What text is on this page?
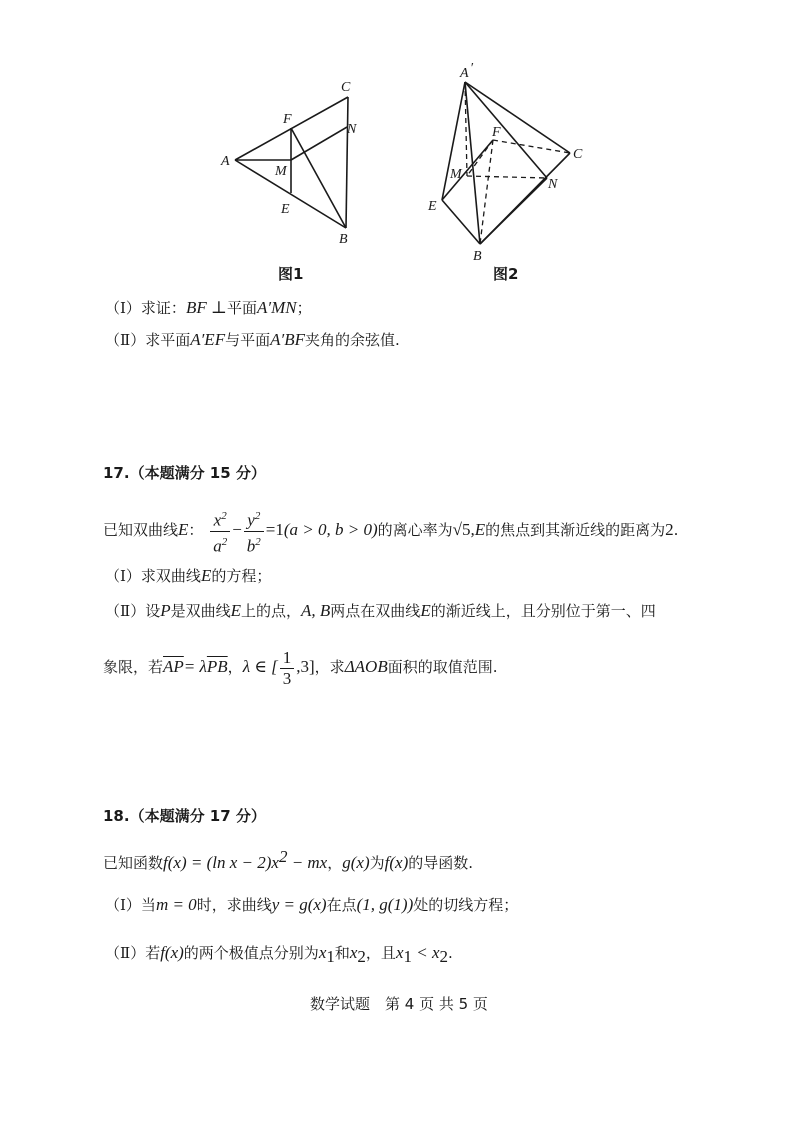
A
F
M
E
C
N
B
图1
A ′
F
M
E
C
N
B
图2
（Ⅰ）求证：BF ⊥平面A′MN；
（Ⅱ）求平面A′EF与平面A′BF夹角的余弦值.
17.（本题满分 15 分）
已知双曲线E： $\frac{x^2}{a^2} - \frac{y^2}{b^2} =1(a > 0$, b > 0)的离心率为√5,E的焦点到其渐近线的距离为2.
（Ⅰ）求双曲线E的方程；
（Ⅱ）设P是双曲线E上的点，A, B两点在双曲线E的渐近线上，且分别位于第一、四
象限，若$\overline{AP}= \lambda\overline{PB}$，λ ∈ [ $\frac{1}{3} ,3$]，求ΔAOB面积的取值范围.
18.（本题满分 17 分）
已知函数f(x) = (ln $x - 2)x^2$ − mx，g(x)为f(x)的导函数.
（Ⅰ）当m = 0时，求曲线y = g(x)在点(1, g(1))处的切线方程；
（Ⅱ）若f(x)的两个极值点分别为$x_1$和$x_2$，且$x_1 < x_2$.
数学试题　第 4 页 共 5 页
